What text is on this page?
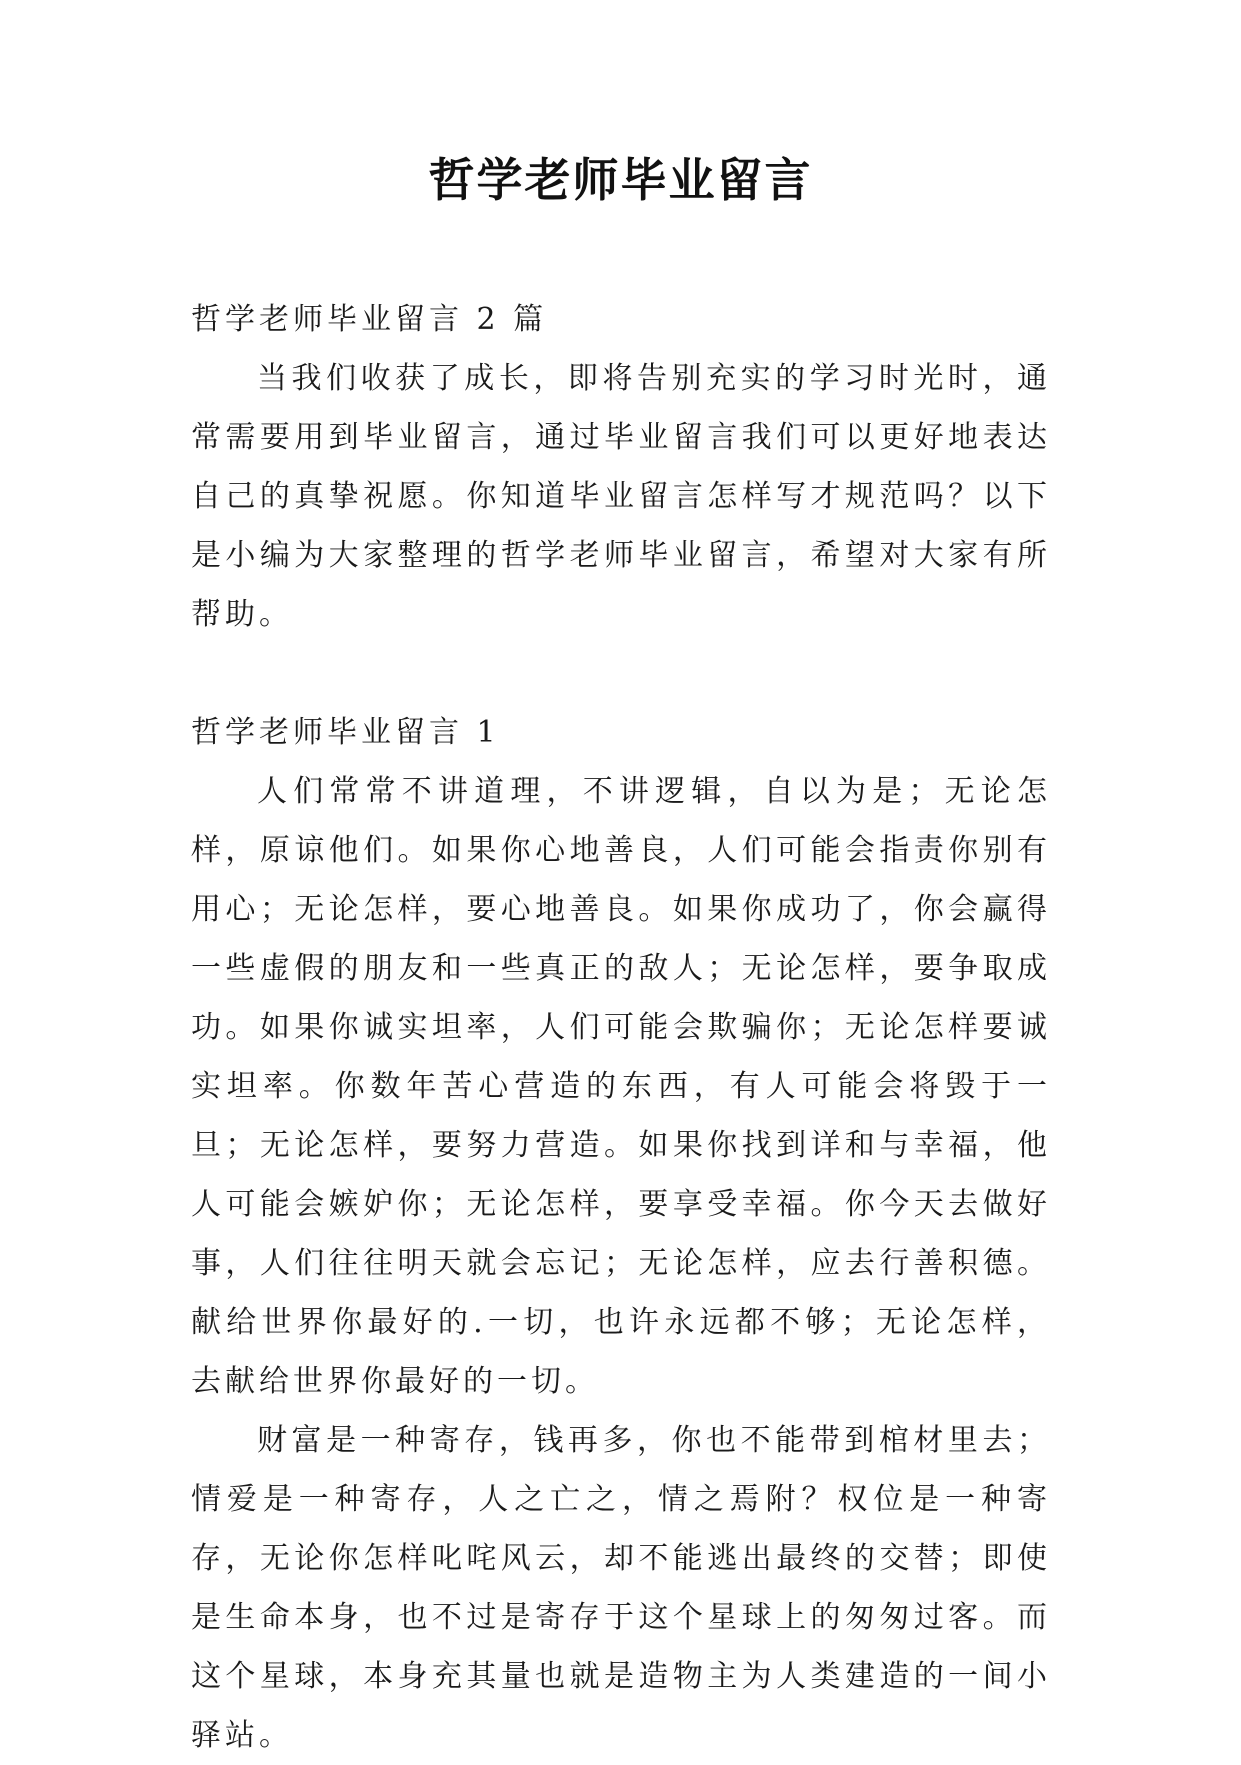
哲学老师毕业留言

哲学老师毕业留言 2 篇

当我们收获了成长，即将告别充实的学习时光时，通常需要用到毕业留言，通过毕业留言我们可以更好地表达自己的真挚祝愿。你知道毕业留言怎样写才规范吗？以下是小编为大家整理的哲学老师毕业留言，希望对大家有所帮助。

哲学老师毕业留言 1

人们常常不讲道理，不讲逻辑，自以为是；无论怎样，原谅他们。如果你心地善良，人们可能会指责你别有用心；无论怎样，要心地善良。如果你成功了，你会赢得一些虚假的朋友和一些真正的敌人；无论怎样，要争取成功。如果你诚实坦率，人们可能会欺骗你；无论怎样要诚实坦率。你数年苦心营造的东西，有人可能会将毁于一旦；无论怎样，要努力营造。如果你找到详和与幸福，他人可能会嫉妒你；无论怎样，要享受幸福。你今天去做好事，人们往往明天就会忘记；无论怎样，应去行善积德。献给世界你最好的.一切，也许永远都不够；无论怎样，去献给世界你最好的一切。

财富是一种寄存，钱再多，你也不能带到棺材里去；情爱是一种寄存，人之亡之，情之焉附？权位是一种寄存，无论你怎样叱咤风云，却不能逃出最终的交替；即使是生命本身，也不过是寄存于这个星球上的匆匆过客。而这个星球，本身充其量也就是造物主为人类建造的一间小驿站。
